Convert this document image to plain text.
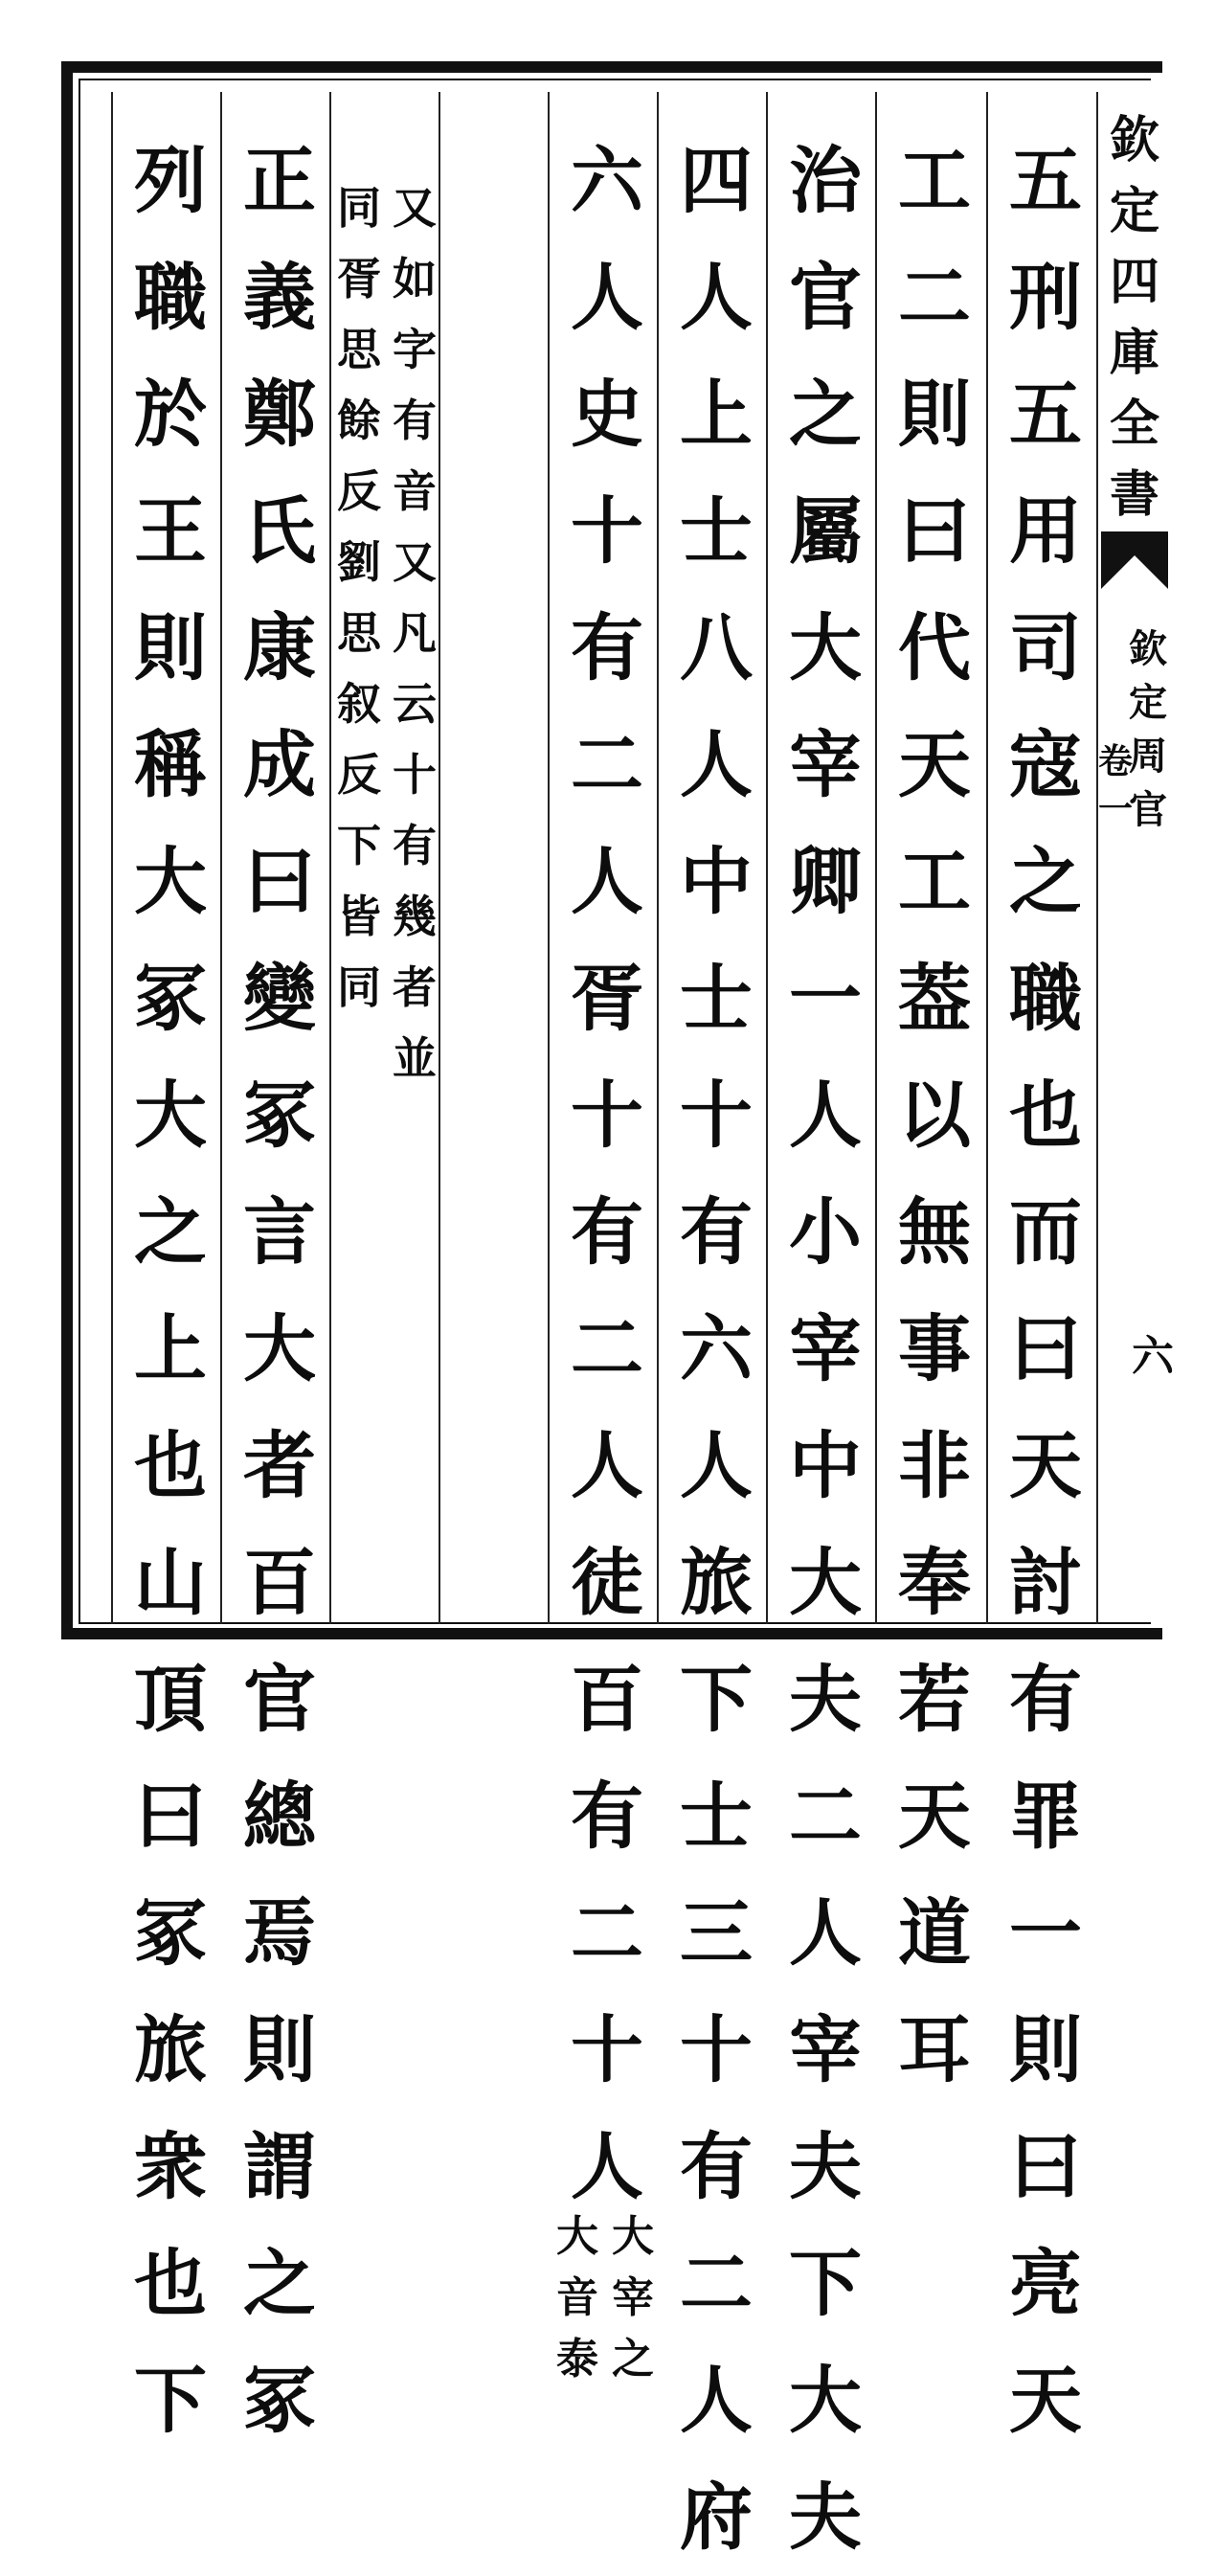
欽
定
四
庫
全
書
欽
定
周
官
卷
一
六
五
刑
五
用
司
寇
之
職
也
而
曰
天
討
有
罪
一
則
曰
亮
天
工
二
則
曰
代
天
工
葢
以
無
事
非
奉
若
天
道
耳
治
官
之
屬
大
宰
卿
一
人
小
宰
中
大
夫
二
人
宰
夫
下
大
夫
四
人
上
士
八
人
中
士
十
有
六
人
旅
下
士
三
十
有
二
人
府
六
人
史
十
有
二
人
胥
十
有
二
人
徒
百
有
二
十
人
大
宰
之
大
音
泰
又
如
字
有
音
又
凡
云
十
有
幾
者
並
同
胥
思
餘
反
劉
思
叙
反
下
皆
同
正
義
鄭
氏
康
成
曰
變
冢
言
大
者
百
官
總
焉
則
謂
之
冢
列
職
於
王
則
稱
大
冢
大
之
上
也
山
頂
曰
冢
旅
衆
也
下
